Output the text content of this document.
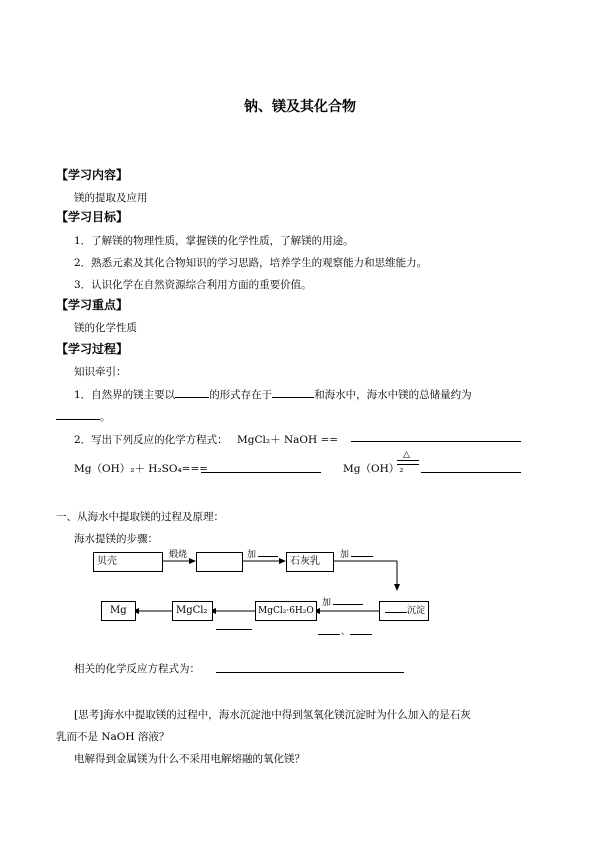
钠、镁及其化合物
【学习内容】
镁的提取及应用
【学习目标】
1．了解镁的物理性质，掌握镁的化学性质，了解镁的用途。
2．熟悉元素及其化合物知识的学习思路，培养学生的观察能力和思维能力。
3．认识化学在自然资源综合利用方面的重要价值。
【学习重点】
镁的化学性质
【学习过程】
知识牵引：
1．自然界的镁主要以	的形式存在于	和海水中，海水中镁的总储量约为
。
2．写出下列反应的化学方程式： MgCl₂＋ NaOH ==
Mg（OH）₂＋ H₂SO₄===	Mg（OH）₂
△
一、从海水中提取镁的过程及原理：
海水提镁的步骤：
贝壳
煅烧	加
石灰乳
加
沉淀
加
、
MgCl₂·6H₂O
MgCl₂
Mg
相关的化学反应方程式为：
[思考]海水中提取镁的过程中，海水沉淀池中得到氢氧化镁沉淀时为什么加入的是石灰
乳而不是 NaOH 溶液？
电解得到金属镁为什么不采用电解熔融的氧化镁？
